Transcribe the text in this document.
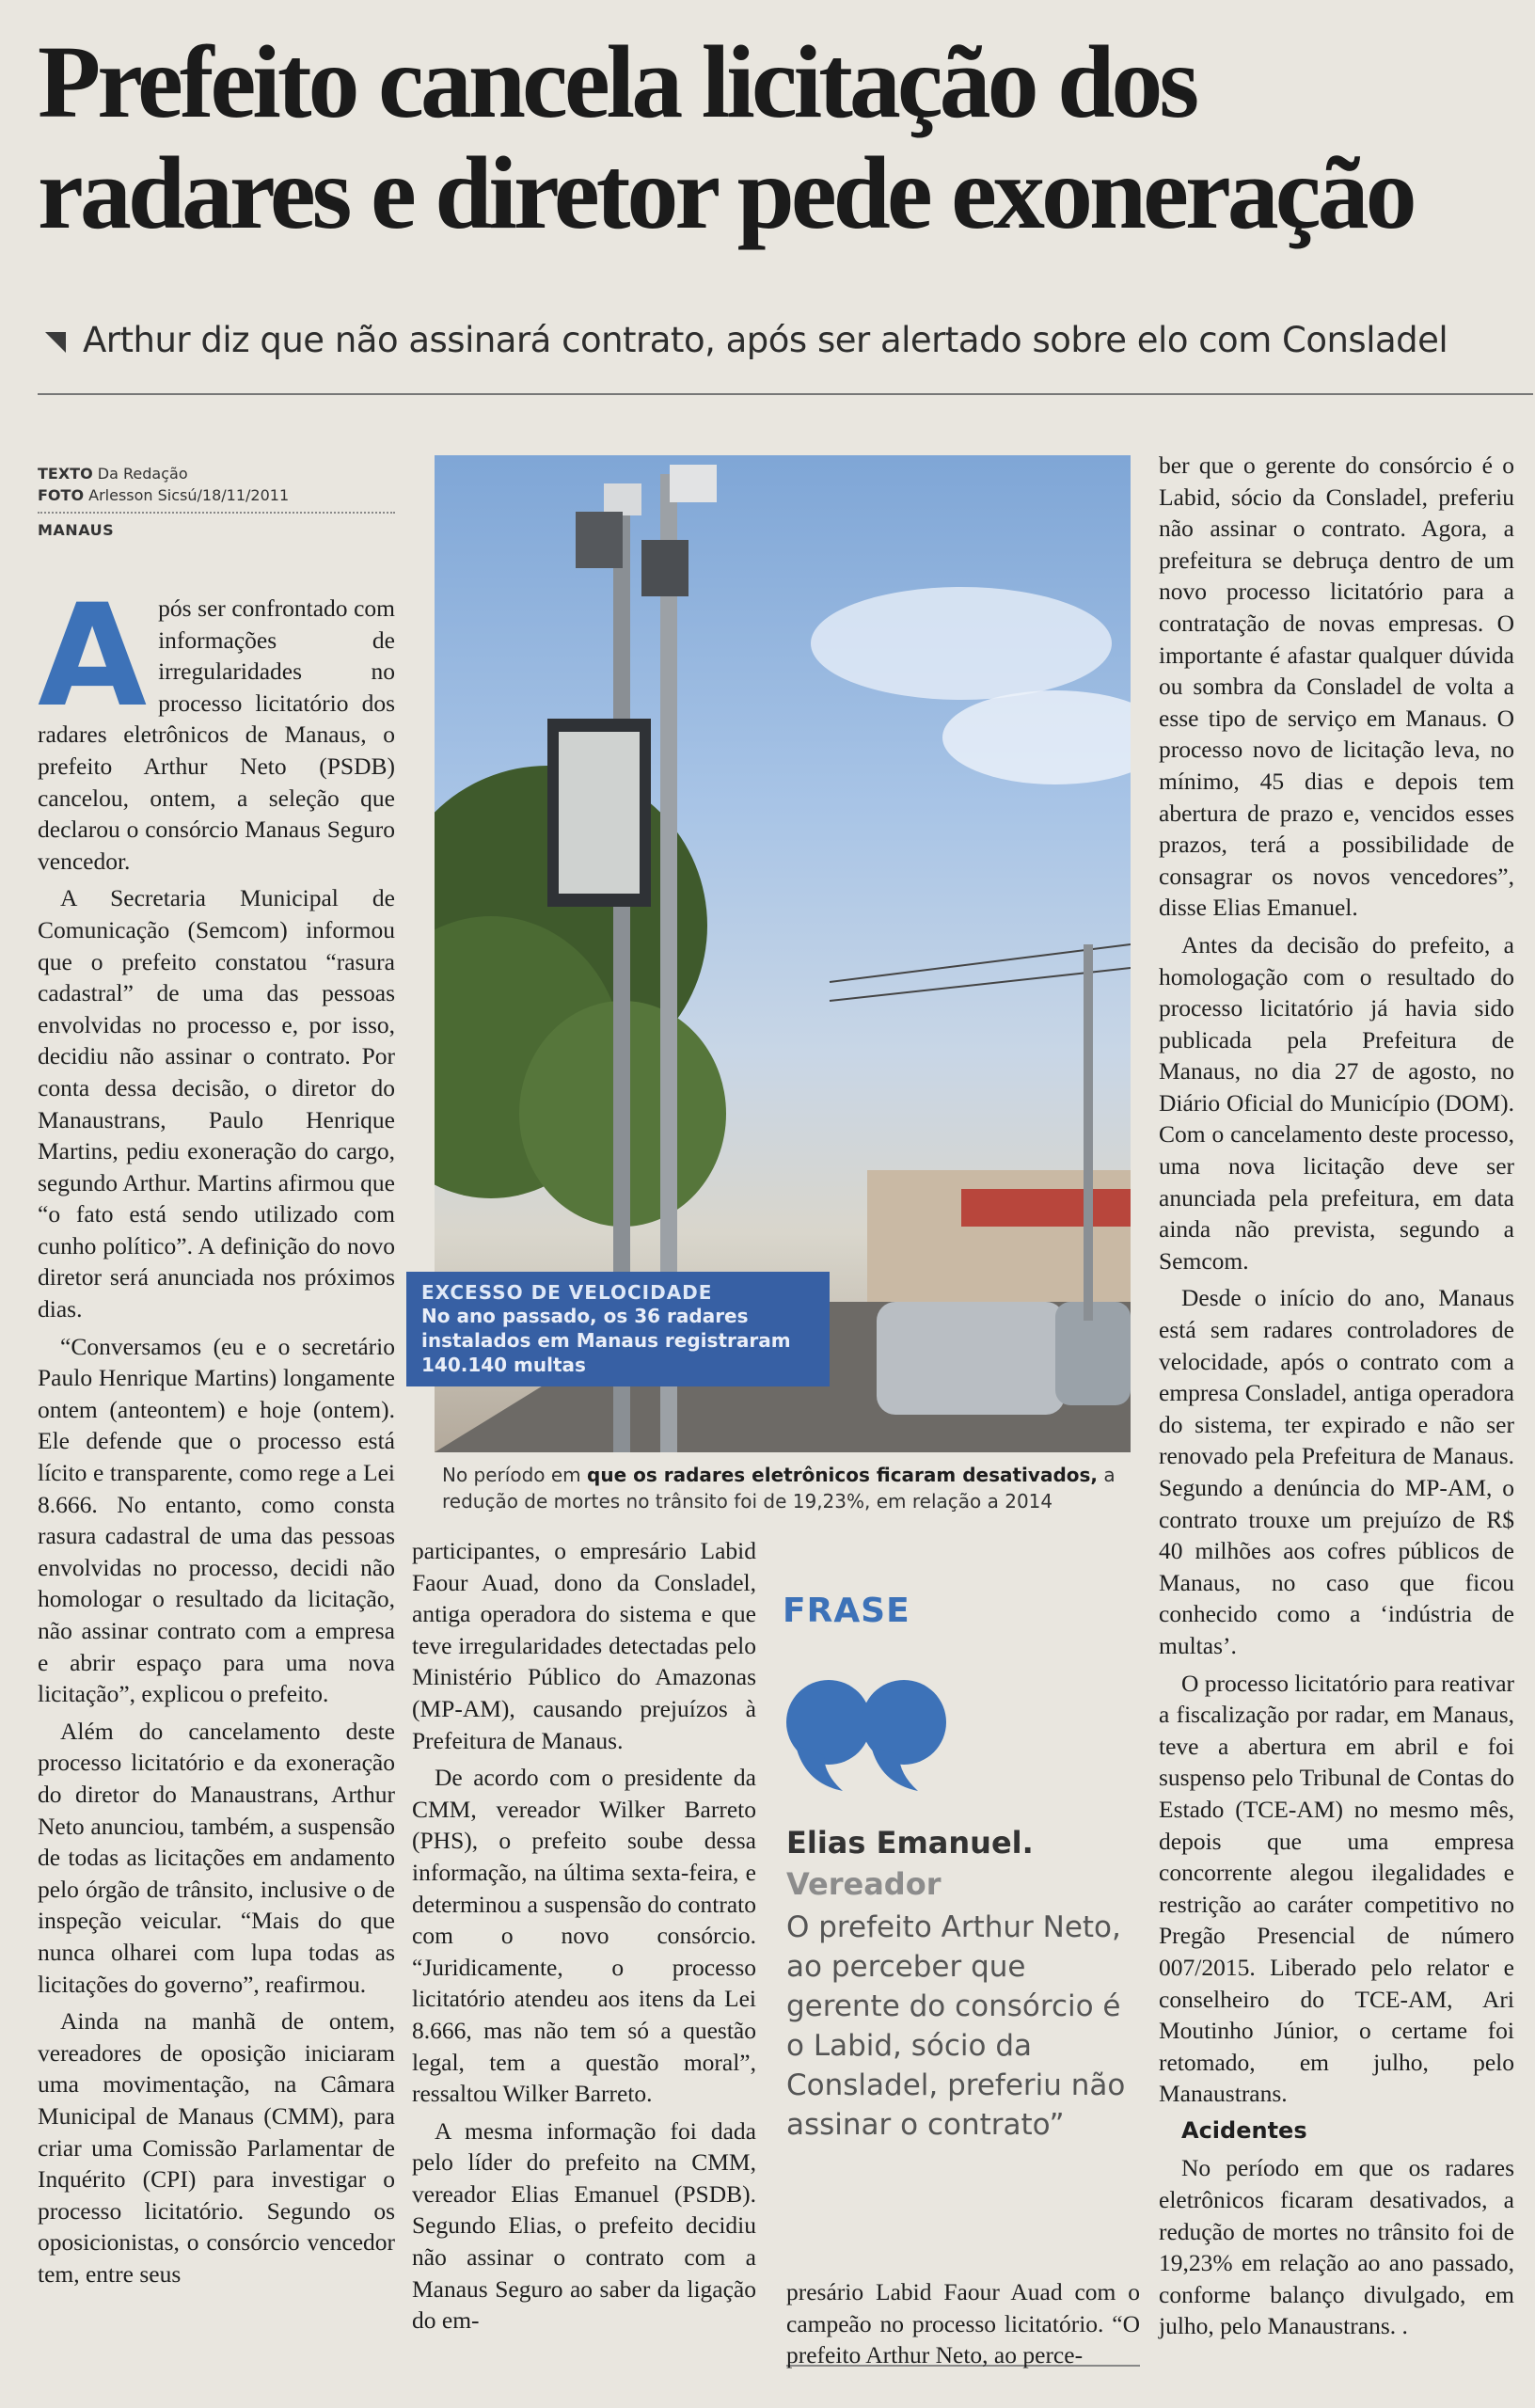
Prefeito cancela licitação dos radares e diretor pede exoneração
Arthur diz que não assinará contrato, após ser alertado sobre elo com Consladel
TEXTO Da Redação
FOTO Arlesson Sicsú/18/11/2011
MANAUS

Após ser confrontado com informações de irregularidades no processo licitatório dos radares eletrônicos de Manaus, o prefeito Arthur Neto (PSDB) cancelou, ontem, a seleção que declarou o consórcio Manaus Seguro vencedor.

A Secretaria Municipal de Comunicação (Semcom) informou que o prefeito constatou “rasura cadastral” de uma das pessoas envolvidas no processo e, por isso, decidiu não assinar o contrato. Por conta dessa decisão, o diretor do Manaustrans, Paulo Henrique Martins, pediu exoneração do cargo, segundo Arthur. Martins afirmou que “o fato está sendo utilizado com cunho político”. A definição do novo diretor será anunciada nos próximos dias.

“Conversamos (eu e o secretário Paulo Henrique Martins) longamente ontem (anteontem) e hoje (ontem). Ele defende que o processo está lícito e transparente, como rege a Lei 8.666. No entanto, como consta rasura cadastral de uma das pessoas envolvidas no processo, decidi não homologar o resultado da licitação, não assinar contrato com a empresa e abrir espaço para uma nova licitação”, explicou o prefeito.

Além do cancelamento deste processo licitatório e da exoneração do diretor do Manaustrans, Arthur Neto anunciou, também, a suspensão de todas as licitações em andamento pelo órgão de trânsito, inclusive o de inspeção veicular. “Mais do que nunca olharei com lupa todas as licitações do governo”, reafirmou.

Ainda na manhã de ontem, vereadores de oposição iniciaram uma movimentação, na Câmara Municipal de Manaus (CMM), para criar uma Comissão Parlamentar de Inquérito (CPI) para investigar o processo licitatório. Segundo os oposicionistas, o consórcio vencedor tem, entre seus

EXCESSO DE VELOCIDADE
No ano passado, os 36 radares instalados em Manaus registraram 140.140 multas
No período em que os radares eletrônicos ficaram desativados, a redução de mortes no trânsito foi de 19,23%, em relação a 2014

participantes, o empresário Labid Faour Auad, dono da Consladel, antiga operadora do sistema e que teve irregularidades detectadas pelo Ministério Público do Amazonas (MP-AM), causando prejuízos à Prefeitura de Manaus.

De acordo com o presidente da CMM, vereador Wilker Barreto (PHS), o prefeito soube dessa informação, na última sexta-feira, e determinou a suspensão do contrato com o novo consórcio. “Juridicamente, o processo licitatório atendeu aos itens da Lei 8.666, mas não tem só a questão legal, tem a questão moral”, ressaltou Wilker Barreto.

A mesma informação foi dada pelo líder do prefeito na CMM, vereador Elias Emanuel (PSDB). Segundo Elias, o prefeito decidiu não assinar o contrato com a Manaus Seguro ao saber da ligação do em-

FRASE
Elias Emanuel.
Vereador
O prefeito Arthur Neto, ao perceber que gerente do consórcio é o Labid, sócio da Consladel, preferiu não assinar o contrato”

presário Labid Faour Auad com o campeão no processo licitatório. “O prefeito Arthur Neto, ao perce-

ber que o gerente do consórcio é o Labid, sócio da Consladel, preferiu não assinar o contrato. Agora, a prefeitura se debruça dentro de um novo processo licitatório para a contratação de novas empresas. O importante é afastar qualquer dúvida ou sombra da Consladel de volta a esse tipo de serviço em Manaus. O processo novo de licitação leva, no mínimo, 45 dias e depois tem abertura de prazo e, vencidos esses prazos, terá a possibilidade de consagrar os novos vencedores”, disse Elias Emanuel.

Antes da decisão do prefeito, a homologação com o resultado do processo licitatório já havia sido publicada pela Prefeitura de Manaus, no dia 27 de agosto, no Diário Oficial do Município (DOM). Com o cancelamento deste processo, uma nova licitação deve ser anunciada pela prefeitura, em data ainda não prevista, segundo a Semcom.

Desde o início do ano, Manaus está sem radares controladores de velocidade, após o contrato com a empresa Consladel, antiga operadora do sistema, ter expirado e não ser renovado pela Prefeitura de Manaus. Segundo a denúncia do MP-AM, o contrato trouxe um prejuízo de R$ 40 milhões aos cofres públicos de Manaus, no caso que ficou conhecido como a ‘indústria de multas’.

O processo licitatório para reativar a fiscalização por radar, em Manaus, teve a abertura em abril e foi suspenso pelo Tribunal de Contas do Estado (TCE-AM) no mesmo mês, depois que uma empresa concorrente alegou ilegalidades e restrição ao caráter competitivo no Pregão Presencial de número 007/2015. Liberado pelo relator e conselheiro do TCE-AM, Ari Moutinho Júnior, o certame foi retomado, em julho, pelo Manaustrans.

Acidentes

No período em que os radares eletrônicos ficaram desativados, a redução de mortes no trânsito foi de 19,23% em relação ao ano passado, conforme balanço divulgado, em julho, pelo Manaustrans. .
